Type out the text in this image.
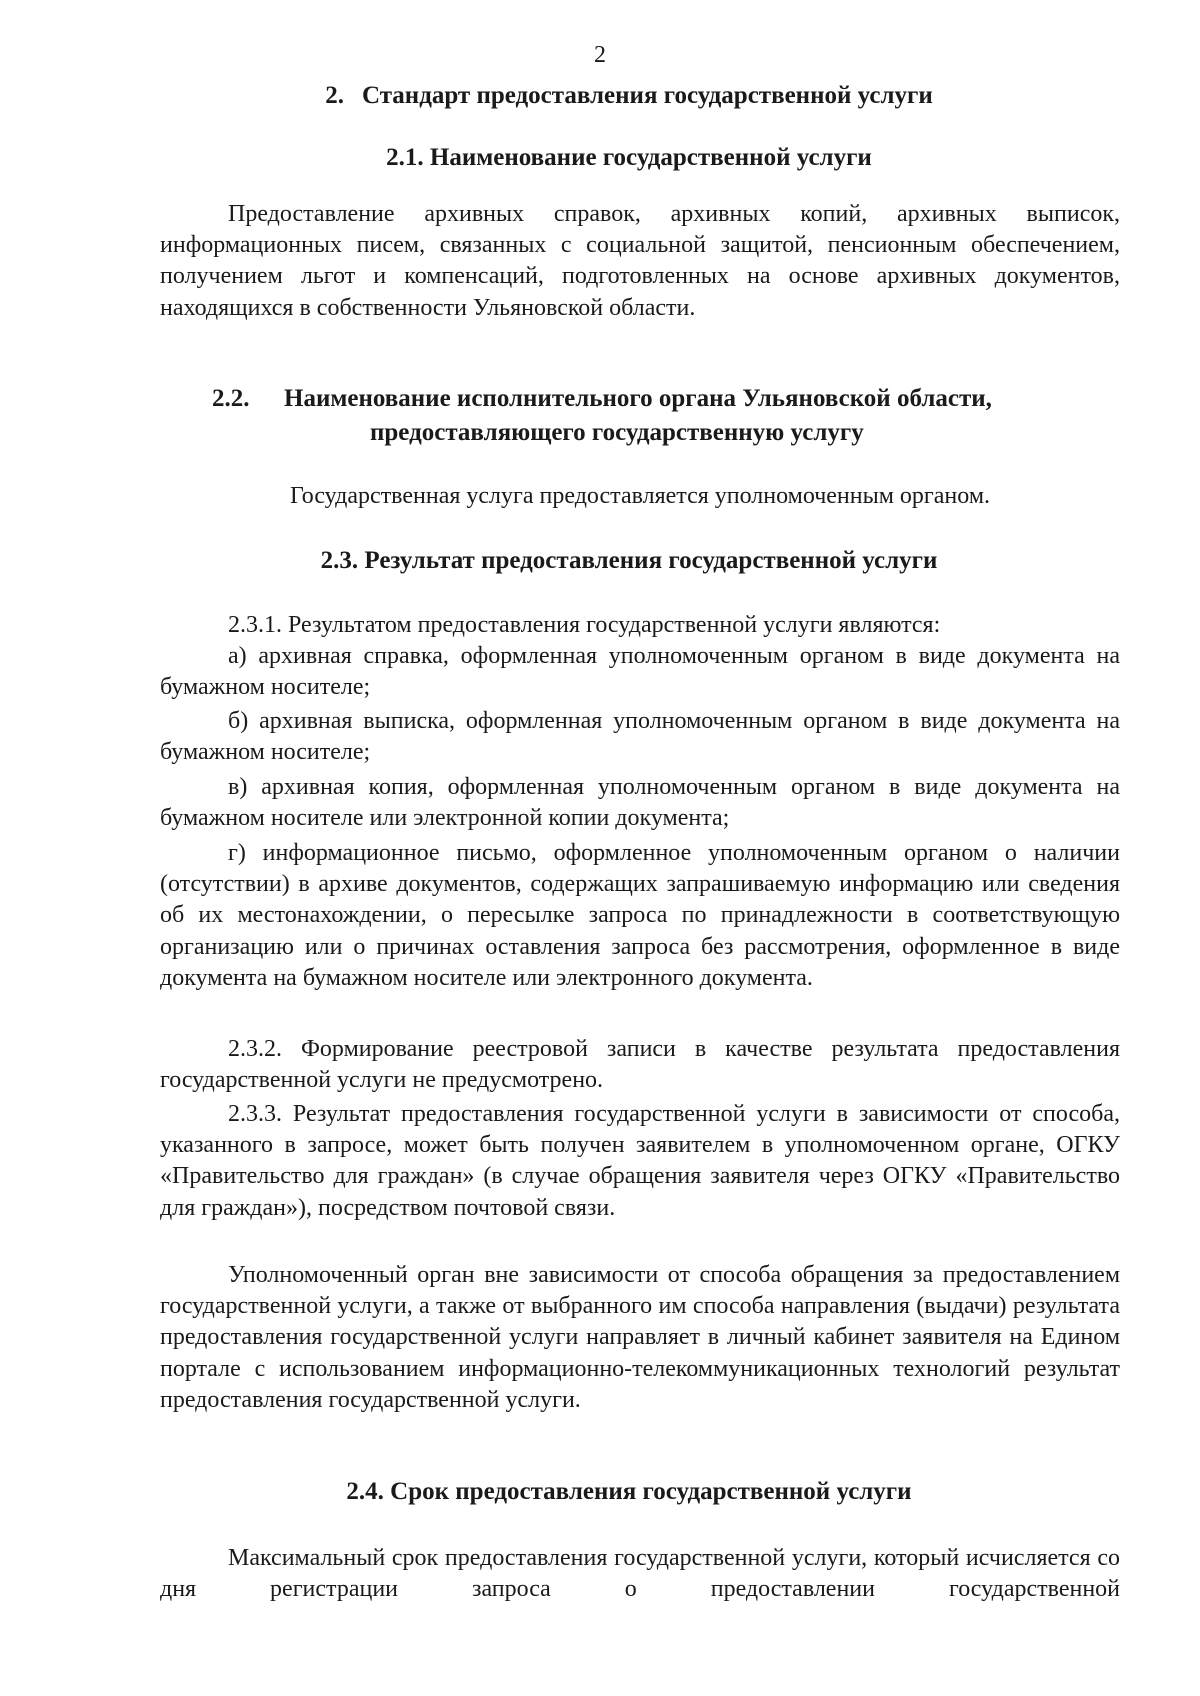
2
2. Стандарт предоставления государственной услуги
2.1. Наименование государственной услуги
Предоставление архивных справок, архивных копий, архивных выписок, информационных писем, связанных с социальной защитой, пенсионным обеспечением, получением льгот и компенсаций, подготовленных на основе архивных документов, находящихся в собственности Ульяновской области.
2.2. Наименование исполнительного органа Ульяновской области,
предоставляющего государственную услугу
Государственная услуга предоставляется уполномоченным органом.
2.3. Результат предоставления государственной услуги
2.3.1. Результатом предоставления государственной услуги являются:
а) архивная справка, оформленная уполномоченным органом в виде документа на бумажном носителе;
б) архивная выписка, оформленная уполномоченным органом в виде документа на бумажном носителе;
в) архивная копия, оформленная уполномоченным органом в виде документа на бумажном носителе или электронной копии документа;
г) информационное письмо, оформленное уполномоченным органом о наличии (отсутствии) в архиве документов, содержащих запрашиваемую информацию или сведения об их местонахождении, о пересылке запроса по принадлежности в соответствующую организацию или о причинах оставления запроса без рассмотрения, оформленное в виде документа на бумажном носителе или электронного документа.
2.3.2. Формирование реестровой записи в качестве результата предоставления государственной услуги не предусмотрено.
2.3.3. Результат предоставления государственной услуги в зависимости от способа, указанного в запросе, может быть получен заявителем в уполномоченном органе, ОГКУ «Правительство для граждан» (в случае обращения заявителя через ОГКУ «Правительство для граждан»), посредством почтовой связи.
Уполномоченный орган вне зависимости от способа обращения за предоставлением государственной услуги, а также от выбранного им способа направления (выдачи) результата предоставления государственной услуги направляет в личный кабинет заявителя на Едином портале с использованием информационно-телекоммуникационных технологий результат предоставления государственной услуги.
2.4. Срок предоставления государственной услуги
Максимальный срок предоставления государственной услуги, который исчисляется со дня регистрации запроса о предоставлении государственной
